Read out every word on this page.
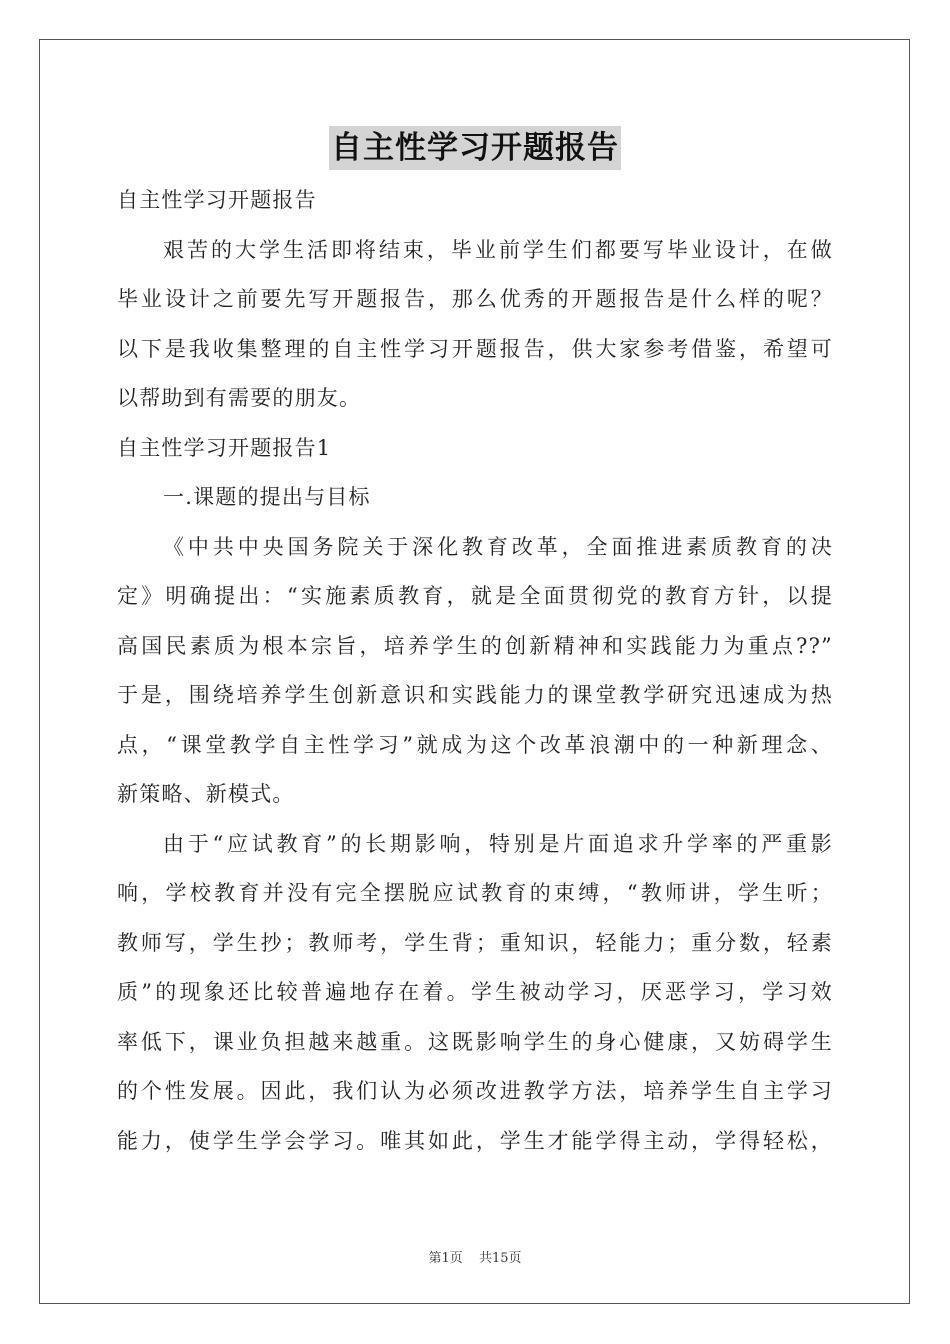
自主性学习开题报告
自主性学习开题报告
艰苦的大学生活即将结束，毕业前学生们都要写毕业设计，在做
毕业设计之前要先写开题报告，那么优秀的开题报告是什么样的呢？
以下是我收集整理的自主性学习开题报告，供大家参考借鉴，希望可
以帮助到有需要的朋友。
自主性学习开题报告1
一.课题的提出与目标
《中共中央国务院关于深化教育改革，全面推进素质教育的决
定》明确提出：“实施素质教育，就是全面贯彻党的教育方针，以提
高国民素质为根本宗旨，培养学生的创新精神和实践能力为重点??”
于是，围绕培养学生创新意识和实践能力的课堂教学研究迅速成为热
点，“课堂教学自主性学习”就成为这个改革浪潮中的一种新理念、
新策略、新模式。
由于“应试教育”的长期影响，特别是片面追求升学率的严重影
响，学校教育并没有完全摆脱应试教育的束缚，“教师讲，学生听；
教师写，学生抄；教师考，学生背；重知识，轻能力；重分数，轻素
质”的现象还比较普遍地存在着。学生被动学习，厌恶学习，学习效
率低下，课业负担越来越重。这既影响学生的身心健康，又妨碍学生
的个性发展。因此，我们认为必须改进教学方法，培养学生自主学习
能力，使学生学会学习。唯其如此，学生才能学得主动，学得轻松，
第1页 共15页
